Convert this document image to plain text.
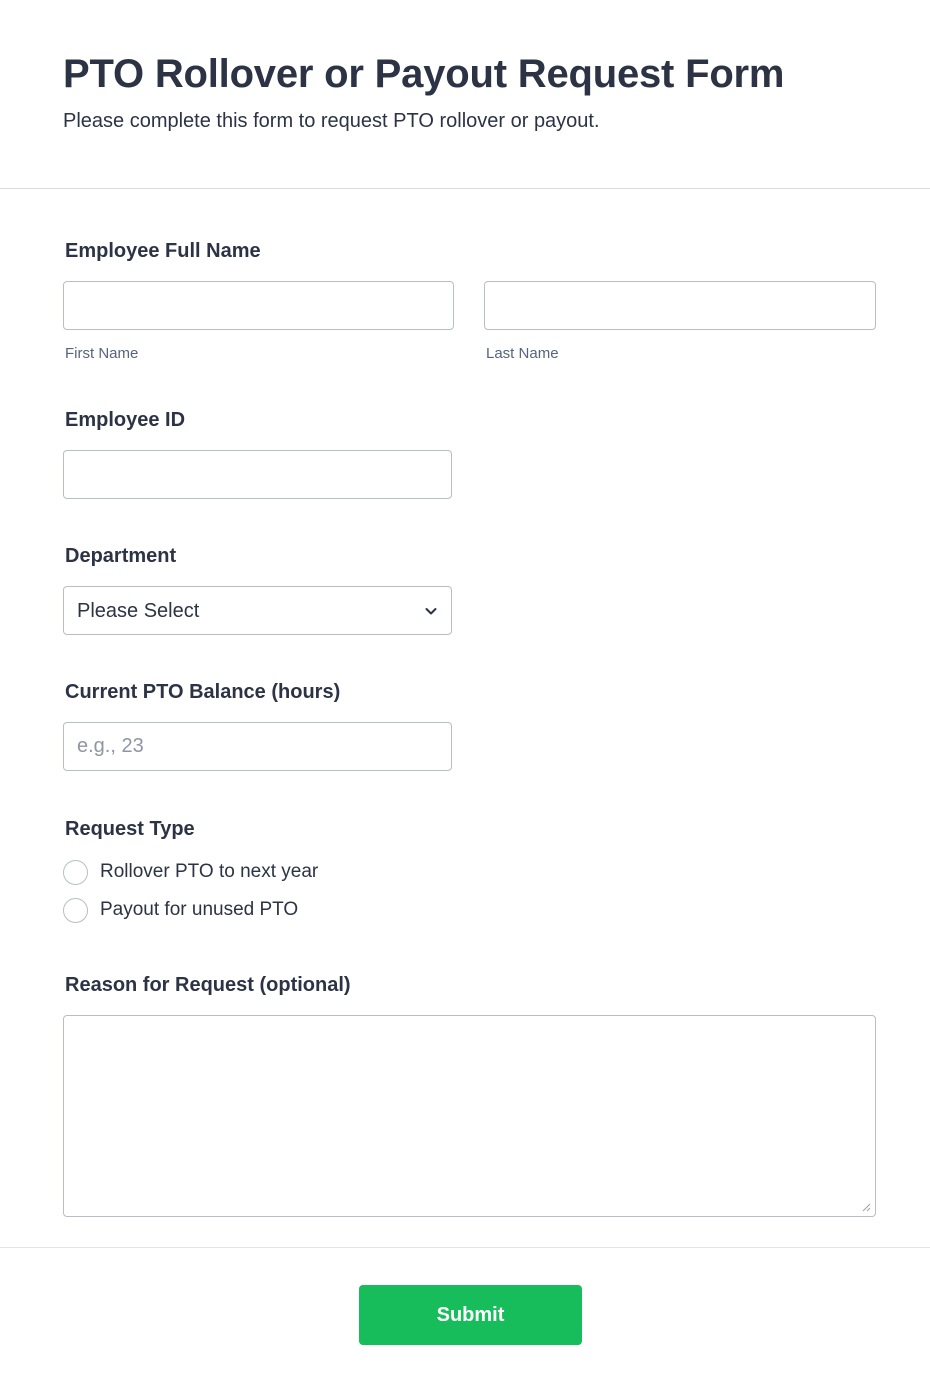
PTO Rollover or Payout Request Form

Please complete this form to request PTO rollover or payout.

Employee Full Name
First Name	Last Name
Employee ID
Department
Please Select
Current PTO Balance (hours)
e.g., 23
Request Type
Rollover PTO to next year
Payout for unused PTO
Reason for Request (optional)
Submit
